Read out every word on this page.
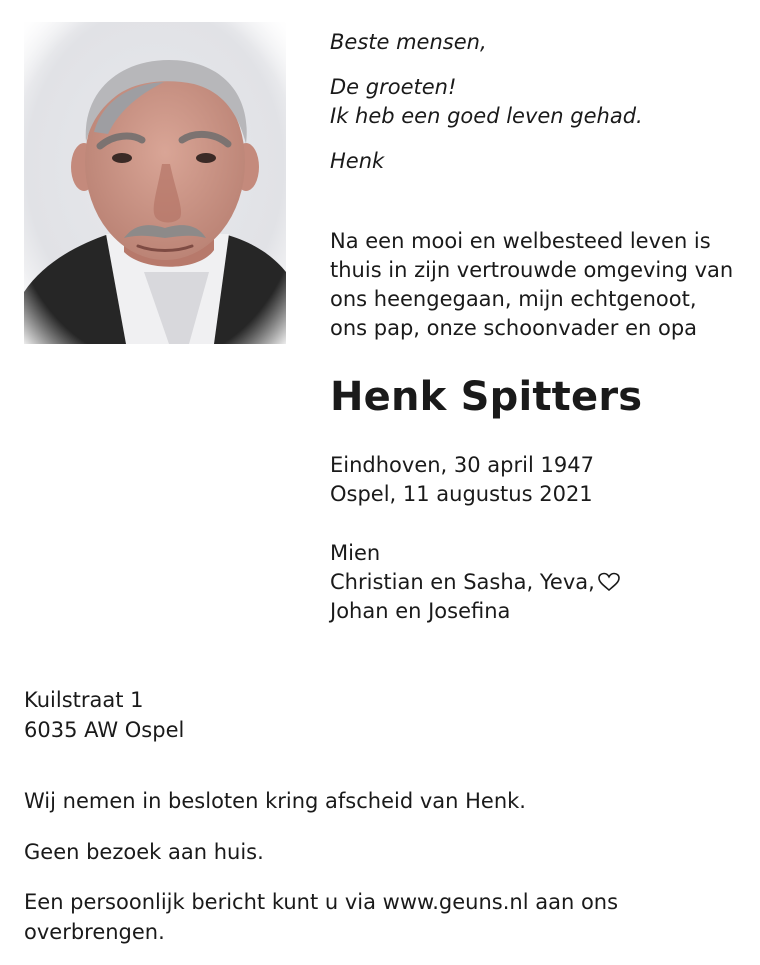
Beste mensen,
De groeten!
Ik heb een goed leven gehad.
Henk
Na een mooi en welbesteed leven is
thuis in zijn vertrouwde omgeving van
ons heengegaan, mijn echtgenoot,
ons pap, onze schoonvader en opa
Henk Spitters
Eindhoven, 30 april 1947
Ospel, 11 augustus 2021
Mien
Christian en Sasha, Yeva,
Johan en Josefina
Kuilstraat 1
6035 AW Ospel
Wij nemen in besloten kring afscheid van Henk.
Geen bezoek aan huis.
Een persoonlijk bericht kunt u via www.geuns.nl aan ons
overbrengen.
